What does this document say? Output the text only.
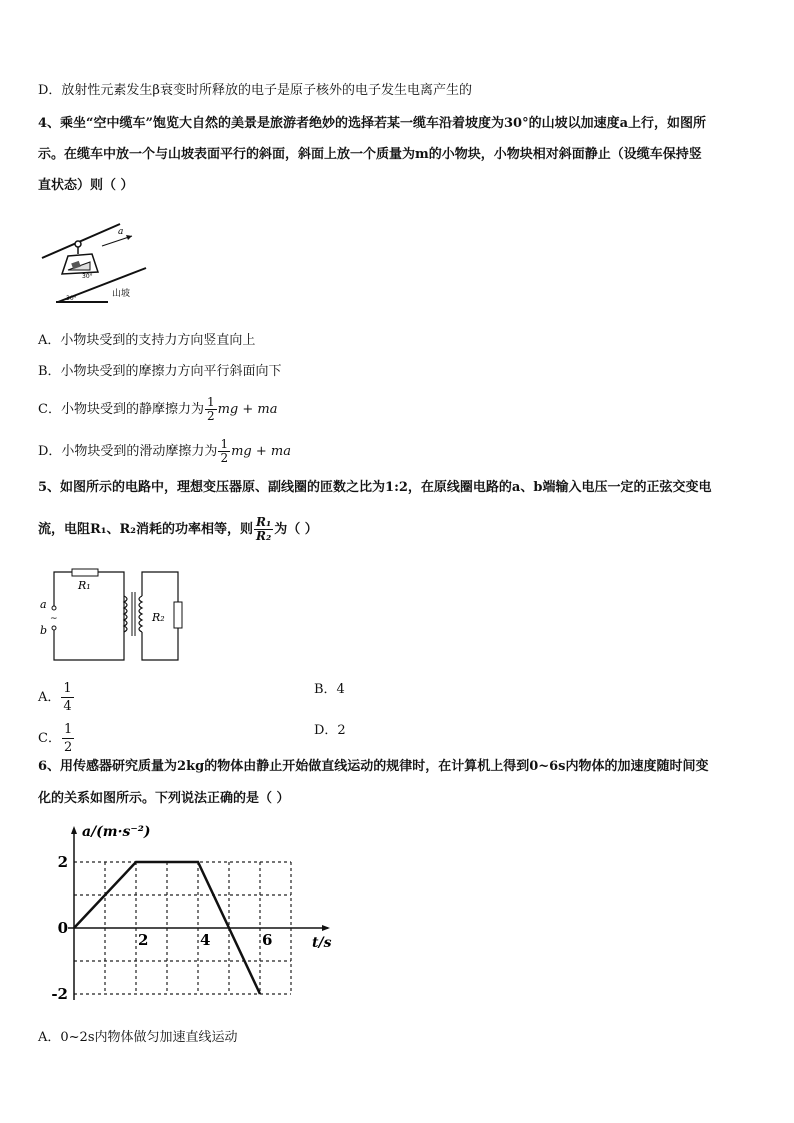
D．放射性元素发生β衰变时所释放的电子是原子核外的电子发生电离产生的
4、乘坐“空中缆车”饱览大自然的美景是旅游者绝妙的选择若某一缆车沿着坡度为30°的山坡以加速度a上行，如图所
示。在缆车中放一个与山坡表面平行的斜面，斜面上放一个质量为m的小物块，小物块相对斜面静止（设缆车保持竖
直状态）则（ ）
30°
a
30°	山坡
A．小物块受到的支持力方向竖直向上
B．小物块受到的摩擦力方向平行斜面向下
C．小物块受到的静摩擦力为 $\frac{1}{2}$ mg + ma
D．小物块受到的滑动摩擦力为 $\frac{1}{2}$ mg + ma
5、如图所示的电路中，理想变压器原、副线圈的匝数之比为1:2，在原线圈电路的a、b端输入电压一定的正弦交变电
流，电阻R₁、R₂消耗的功率相等，则 $\frac{\text{R₁}}{\text{R₂}}$ 为（ ）
R₁
a
b
~	R₂
A． $\frac{1}{4}$	B．4
C． $\frac{1}{2}$	D．2
6、用传感器研究质量为2kg的物体由静止开始做直线运动的规律时，在计算机上得到0~6s内物体的加速度随时间变
化的关系如图所示。下列说法正确的是（ ）
a/(m·s⁻²)
t/s
2	4	6
2
0
-2
A．0~2s内物体做匀加速直线运动
